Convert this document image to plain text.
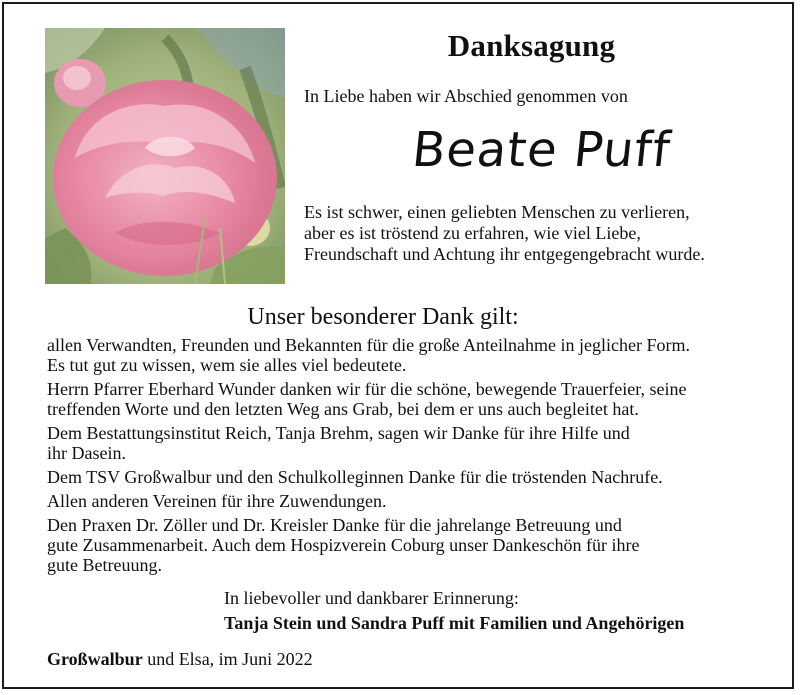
Danksagung
In Liebe haben wir Abschied genommen von
Beate Puff
Es ist schwer, einen geliebten Menschen zu verlieren,
aber es ist tröstend zu erfahren, wie viel Liebe,
Freundschaft und Achtung ihr entgegengebracht wurde.
Unser besonderer Dank gilt:
allen Verwandten, Freunden und Bekannten für die große Anteilnahme in jeglicher Form.
Es tut gut zu wissen, wem sie alles viel bedeutete.
Herrn Pfarrer Eberhard Wunder danken wir für die schöne, bewegende Trauerfeier, seine
treffenden Worte und den letzten Weg ans Grab, bei dem er uns auch begleitet hat.
Dem Bestattungsinstitut Reich, Tanja Brehm, sagen wir Danke für ihre Hilfe und
ihr Dasein.
Dem TSV Großwalbur und den Schulkolleginnen Danke für die tröstenden Nachrufe.
Allen anderen Vereinen für ihre Zuwendungen.
Den Praxen Dr. Zöller und Dr. Kreisler Danke für die jahrelange Betreuung und
gute Zusammenarbeit. Auch dem Hospizverein Coburg unser Dankeschön für ihre
gute Betreuung.
In liebevoller und dankbarer Erinnerung:
Tanja Stein und Sandra Puff mit Familien und Angehörigen
Großwalbur und Elsa, im Juni 2022
